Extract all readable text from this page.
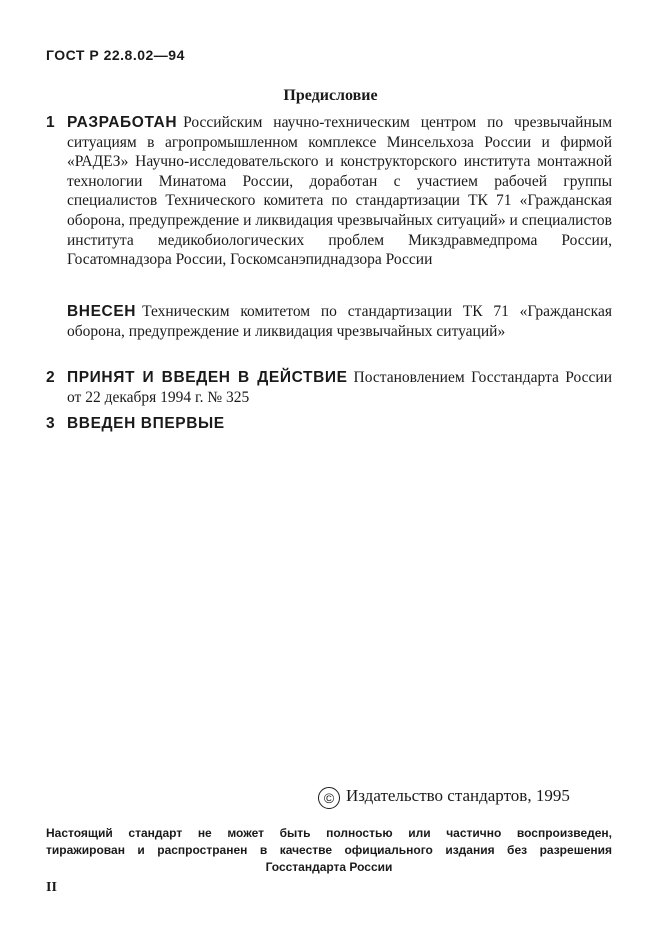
ГОСТ Р 22.8.02—94
Предисловие
1 РАЗРАБОТАН Российским научно-техническим центром по чрезвычайным ситуациям в агропромышленном комплексе Минсельхоза России и фирмой «РАДЕЗ» Научно-исследовательского и конструкторского института монтажной технологии Минатома России, доработан с участием рабочей группы специалистов Технического комитета по стандартизации ТК 71 «Гражданская оборона, предупреждение и ликвидация чрезвычайных ситуаций» и специалистов института медикобиологических проблем Микздравмедпрома России, Госатомнадзора России, Госкомсанэпиднадзора России
ВНЕСЕН Техническим комитетом по стандартизации ТК 71 «Гражданская оборона, предупреждение и ликвидация чрезвычайных ситуаций»
2 ПРИНЯТ И ВВЕДЕН В ДЕЙСТВИЕ Постановлением Госстандарта России от 22 декабря 1994 г. № 325
3 ВВЕДЕН ВПЕРВЫЕ
© Издательство стандартов, 1995
Настоящий стандарт не может быть полностью или частично воспроизведен,
тиражирован и распространен в качестве официального издания без разрешения
Госстандарта России
II
